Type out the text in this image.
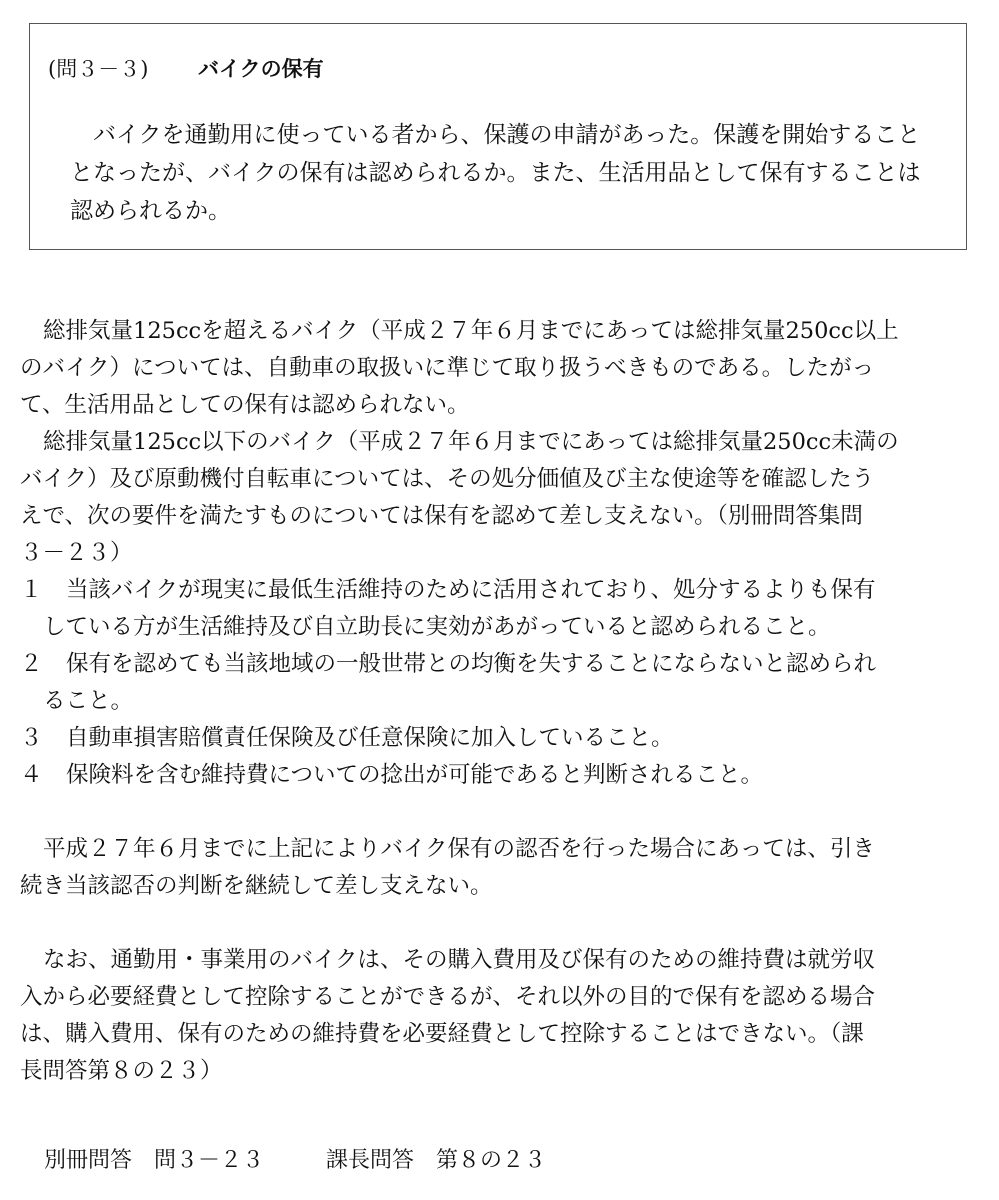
(問３－３) バイクの保有
バイクを通勤用に使っている者から、保護の申請があった。保護を開始すること
となったが、バイクの保有は認められるか。また、生活用品として保有することは
認められるか。
総排気量125ccを超えるバイク（平成２７年６月までにあっては総排気量250cc以上
のバイク）については、自動車の取扱いに準じて取り扱うべきものである。したがっ
て、生活用品としての保有は認められない。
総排気量125cc以下のバイク（平成２７年６月までにあっては総排気量250cc未満の
バイク）及び原動機付自転車については、その処分価値及び主な使途等を確認したう
えで、次の要件を満たすものについては保有を認めて差し支えない。（別冊問答集問
３－２３）
１ 当該バイクが現実に最低生活維持のために活用されており、処分するよりも保有
している方が生活維持及び自立助長に実効があがっていると認められること。
２ 保有を認めても当該地域の一般世帯との均衡を失することにならないと認められ
ること。
３ 自動車損害賠償責任保険及び任意保険に加入していること。
４ 保険料を含む維持費についての捻出が可能であると判断されること。
平成２７年６月までに上記によりバイク保有の認否を行った場合にあっては、引き
続き当該認否の判断を継続して差し支えない。
なお、通勤用・事業用のバイクは、その購入費用及び保有のための維持費は就労収
入から必要経費として控除することができるが、それ以外の目的で保有を認める場合
は、購入費用、保有のための維持費を必要経費として控除することはできない。（課
長問答第８の２３）
別冊問答　問３－２３	課長問答　第８の２３
